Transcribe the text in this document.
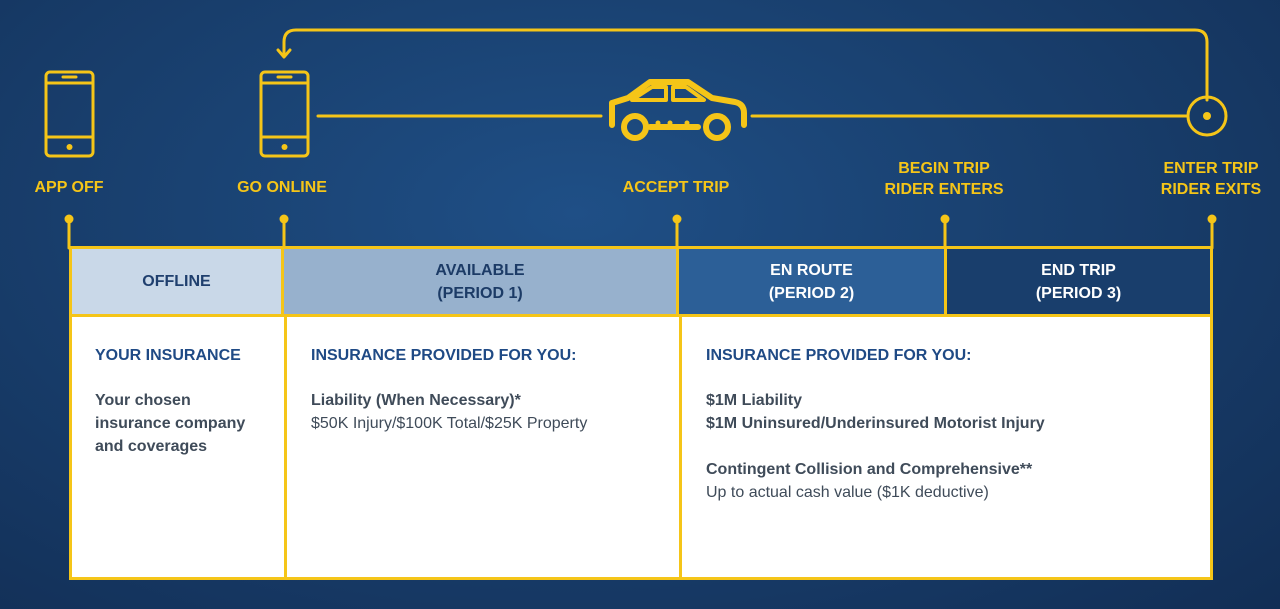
APP OFF	GO ONLINE	ACCEPT TRIP
BEGIN TRIP
RIDER ENTERS
ENTER TRIP
RIDER EXITS
OFFLINE
AVAILABLE
(PERIOD 1)
EN ROUTE
(PERIOD 2)
END TRIP
(PERIOD 3)
YOUR INSURANCE
Your chosen
insurance company
and coverages
INSURANCE PROVIDED FOR YOU:
Liability (When Necessary)*
$50K Injury/$100K Total/$25K Property
INSURANCE PROVIDED FOR YOU:
$1M Liability
$1M Uninsured/Underinsured Motorist Injury
Contingent Collision and Comprehensive**
Up to actual cash value ($1K deductive)
